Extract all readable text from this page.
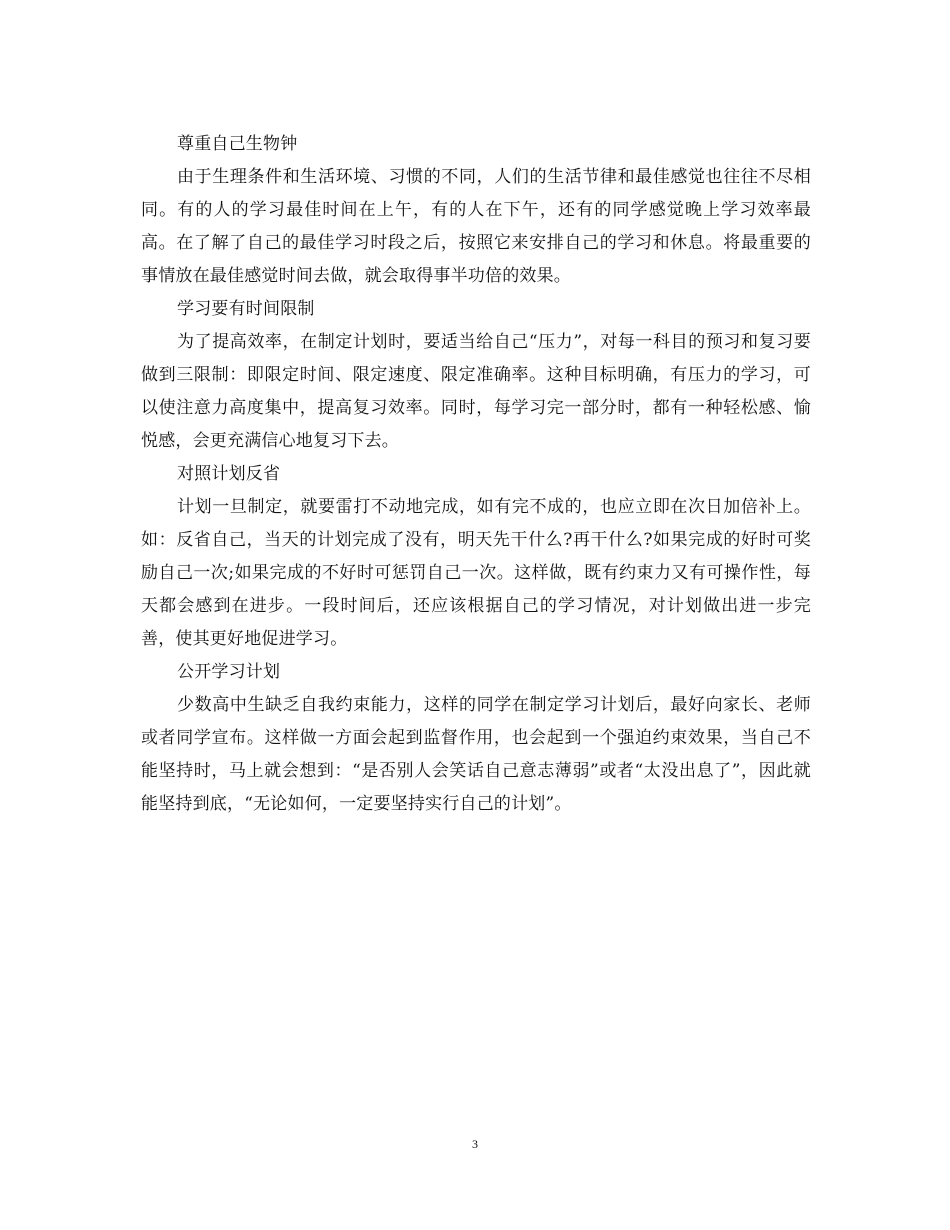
尊重自己生物钟

由于生理条件和生活环境、习惯的不同，人们的生活节律和最佳感觉也往往不尽相同。有的人的学习最佳时间在上午，有的人在下午，还有的同学感觉晚上学习效率最高。在了解了自己的最佳学习时段之后，按照它来安排自己的学习和休息。将最重要的事情放在最佳感觉时间去做，就会取得事半功倍的效果。

学习要有时间限制

为了提高效率，在制定计划时，要适当给自己“压力”，对每一科目的预习和复习要做到三限制：即限定时间、限定速度、限定准确率。这种目标明确，有压力的学习，可以使注意力高度集中，提高复习效率。同时，每学习完一部分时，都有一种轻松感、愉悦感，会更充满信心地复习下去。

对照计划反省

计划一旦制定，就要雷打不动地完成，如有完不成的，也应立即在次日加倍补上。如：反省自己，当天的计划完成了没有，明天先干什么?再干什么?如果完成的好时可奖励自己一次;如果完成的不好时可惩罚自己一次。这样做，既有约束力又有可操作性，每天都会感到在进步。一段时间后，还应该根据自己的学习情况，对计划做出进一步完善，使其更好地促进学习。

公开学习计划

少数高中生缺乏自我约束能力，这样的同学在制定学习计划后，最好向家长、老师或者同学宣布。这样做一方面会起到监督作用，也会起到一个强迫约束效果，当自己不能坚持时，马上就会想到：“是否别人会笑话自己意志薄弱”或者“太没出息了”，因此就能坚持到底，“无论如何，一定要坚持实行自己的计划”。

3
